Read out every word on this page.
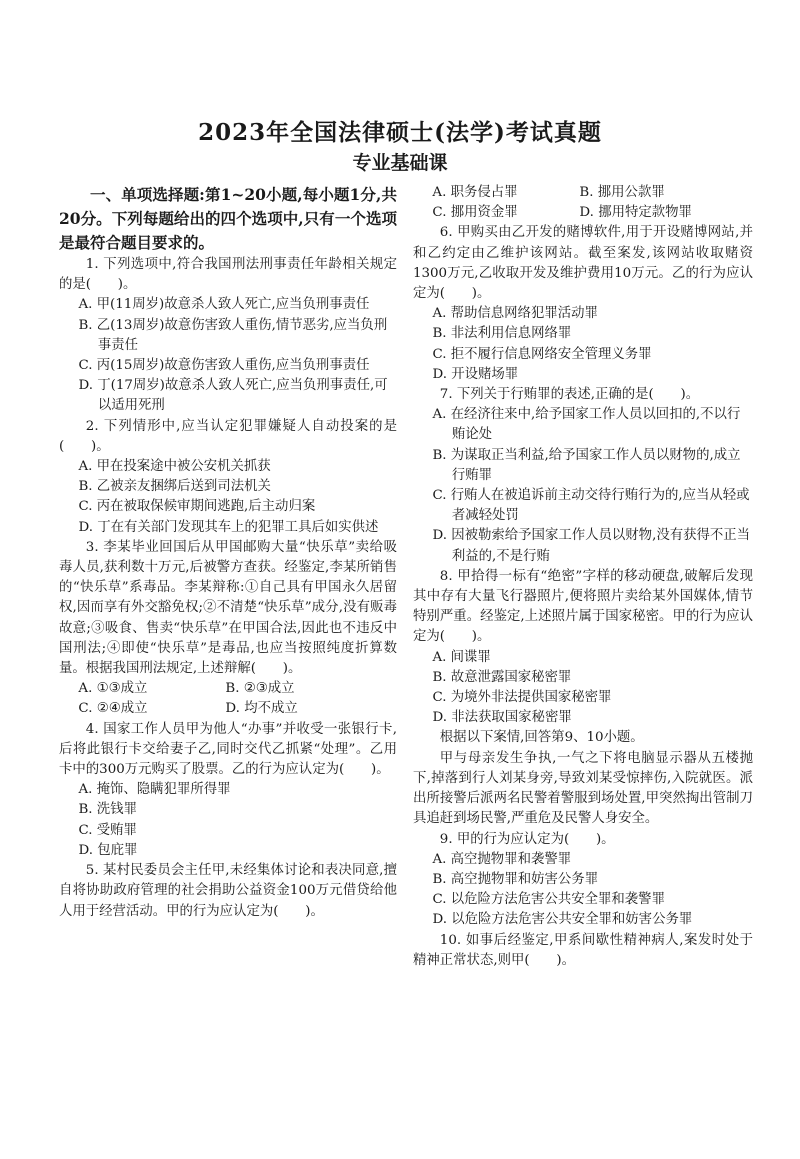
2023年全国法律硕士(法学)考试真题
专业基础课
一、单项选择题:第1~20小题,每小题1分,共20分。下列每题给出的四个选项中,只有一个选项是最符合题目要求的。

1. 下列选项中,符合我国刑法刑事责任年龄相关规定的是(　　)。

A. 甲(11周岁)故意杀人致人死亡,应当负刑事责任

B. 乙(13周岁)故意伤害致人重伤,情节恶劣,应当负刑事责任

C. 丙(15周岁)故意伤害致人重伤,应当负刑事责任

D. 丁(17周岁)故意杀人致人死亡,应当负刑事责任,可以适用死刑

2. 下列情形中,应当认定犯罪嫌疑人自动投案的是(　　)。

A. 甲在投案途中被公安机关抓获

B. 乙被亲友捆绑后送到司法机关

C. 丙在被取保候审期间逃跑,后主动归案

D. 丁在有关部门发现其车上的犯罪工具后如实供述

3. 李某毕业回国后从甲国邮购大量“快乐草”卖给吸毒人员,获利数十万元,后被警方查获。经鉴定,李某所销售的“快乐草”系毒品。李某辩称:①自己具有甲国永久居留权,因而享有外交豁免权;②不清楚“快乐草”成分,没有贩毒故意;③吸食、售卖“快乐草”在甲国合法,因此也不违反中国刑法;④即使“快乐草”是毒品,也应当按照纯度折算数量。根据我国刑法规定,上述辩解(　　)。

A. ①③成立	B. ②③成立
C. ②④成立	D. 均不成立

4. 国家工作人员甲为他人“办事”并收受一张银行卡,后将此银行卡交给妻子乙,同时交代乙抓紧“处理”。乙用卡中的300万元购买了股票。乙的行为应认定为(　　)。

A. 掩饰、隐瞒犯罪所得罪

B. 洗钱罪

C. 受贿罪

D. 包庇罪

5. 某村民委员会主任甲,未经集体讨论和表决同意,擅自将协助政府管理的社会捐助公益资金100万元借贷给他人用于经营活动。甲的行为应认定为(　　)。

A. 职务侵占罪	B. 挪用公款罪
C. 挪用资金罪	D. 挪用特定款物罪

6. 甲购买由乙开发的赌博软件,用于开设赌博网站,并和乙约定由乙维护该网站。截至案发,该网站收取赌资1300万元,乙收取开发及维护费用10万元。乙的行为应认定为(　　)。

A. 帮助信息网络犯罪活动罪

B. 非法利用信息网络罪

C. 拒不履行信息网络安全管理义务罪

D. 开设赌场罪

7. 下列关于行贿罪的表述,正确的是(　　)。

A. 在经济往来中,给予国家工作人员以回扣的,不以行贿论处

B. 为谋取正当利益,给予国家工作人员以财物的,成立行贿罪

C. 行贿人在被追诉前主动交待行贿行为的,应当从轻或者减轻处罚

D. 因被勒索给予国家工作人员以财物,没有获得不正当利益的,不是行贿

8. 甲拾得一标有“绝密”字样的移动硬盘,破解后发现其中存有大量飞行器照片,便将照片卖给某外国媒体,情节特别严重。经鉴定,上述照片属于国家秘密。甲的行为应认定为(　　)。

A. 间谍罪

B. 故意泄露国家秘密罪

C. 为境外非法提供国家秘密罪

D. 非法获取国家秘密罪

根据以下案情,回答第9、10小题。

甲与母亲发生争执,一气之下将电脑显示器从五楼抛下,掉落到行人刘某身旁,导致刘某受惊摔伤,入院就医。派出所接警后派两名民警着警服到场处置,甲突然掏出管制刀具追赶到场民警,严重危及民警人身安全。

9. 甲的行为应认定为(　　)。

A. 高空抛物罪和袭警罪

B. 高空抛物罪和妨害公务罪

C. 以危险方法危害公共安全罪和袭警罪

D. 以危险方法危害公共安全罪和妨害公务罪

10. 如事后经鉴定,甲系间歇性精神病人,案发时处于精神正常状态,则甲(　　)。
